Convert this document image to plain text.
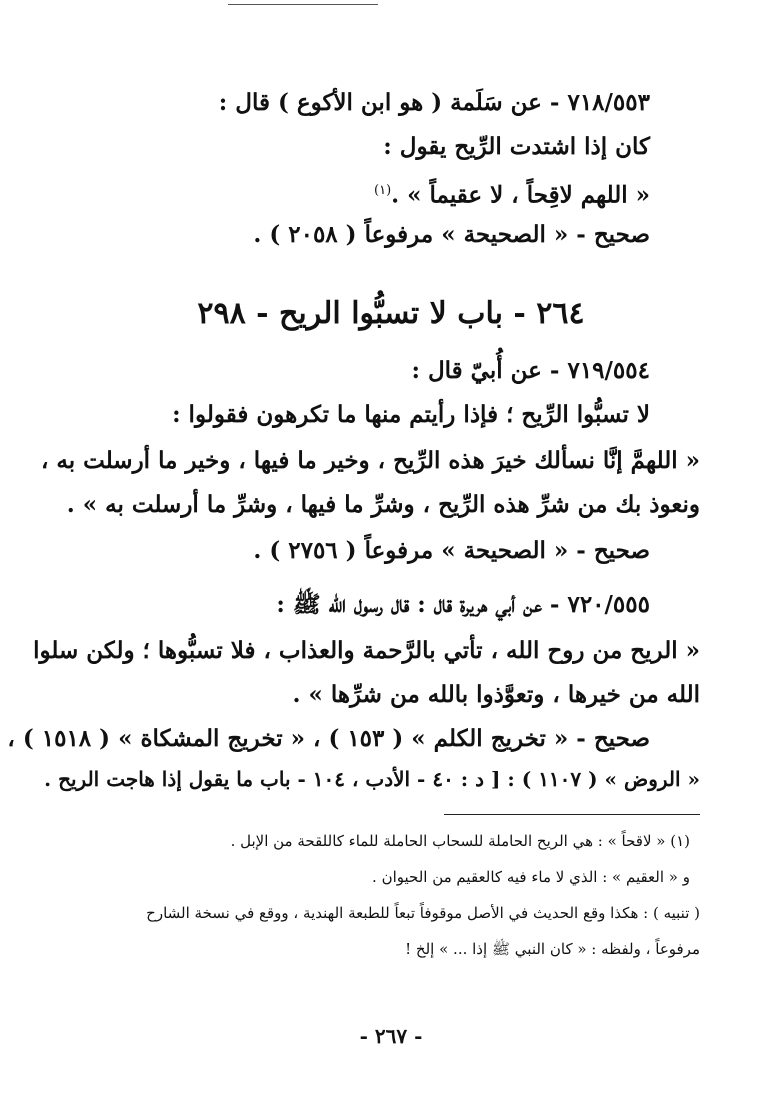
٧١٨/٥٥٣ - عن سَلَمة ( هو ابن الأكوع ) قال :
كان إذا اشتدت الرِّيح يقول :
« اللهم لاقِحاً ، لا عقيماً » .$^{(١)}$
صحيح - « الصحيحة » مرفوعاً ( ٢٠٥٨ ) .
٢٦٤ - باب لا تسبُّوا الريح - ٢٩٨
٧١٩/٥٥٤ - عن أُبيّ قال :
لا تسبُّوا الرِّيح ؛ فإذا رأيتم منها ما تكرهون فقولوا :
« اللهمَّ إنَّا نسألك خيرَ هذه الرِّيح ، وخير ما فيها ، وخير ما أرسلت به ،
ونعوذ بك من شرِّ هذه الرِّيح ، وشرِّ ما فيها ، وشرِّ ما أرسلت به » .
صحيح - « الصحيحة » مرفوعاً ( ٢٧٥٦ ) .
٧٢٠/٥٥٥ - عن أبي هريرة قال : قال رسول الله ﷺ :
« الريح من روح الله ، تأتي بالرَّحمة والعذاب ، فلا تسبُّوها ؛ ولكن سلوا
الله من خيرها ، وتعوَّذوا بالله من شرِّها » .
صحيح - « تخريج الكلم » ( ١٥٣ ) ، « تخريج المشكاة » ( ١٥١٨ ) ،
« الروض » ( ١١٠٧ ) : [ د : ٤٠ - الأدب ، ١٠٤ - باب ما يقول إذا هاجت الريح .
(١) « لاقحاً » : هي الريح الحاملة للسحاب الحاملة للماء كاللقحة من الإبل .
و « العقيم » : الذي لا ماء فيه كالعقيم من الحيوان .
( تنبيه ) : هكذا وقع الحديث في الأصل موقوفاً تبعاً للطبعة الهندية ، ووقع في نسخة الشارح
مرفوعاً ، ولفظه : « كان النبي ﷺ إذا ... » إلخ !
- ٢٦٧ -
